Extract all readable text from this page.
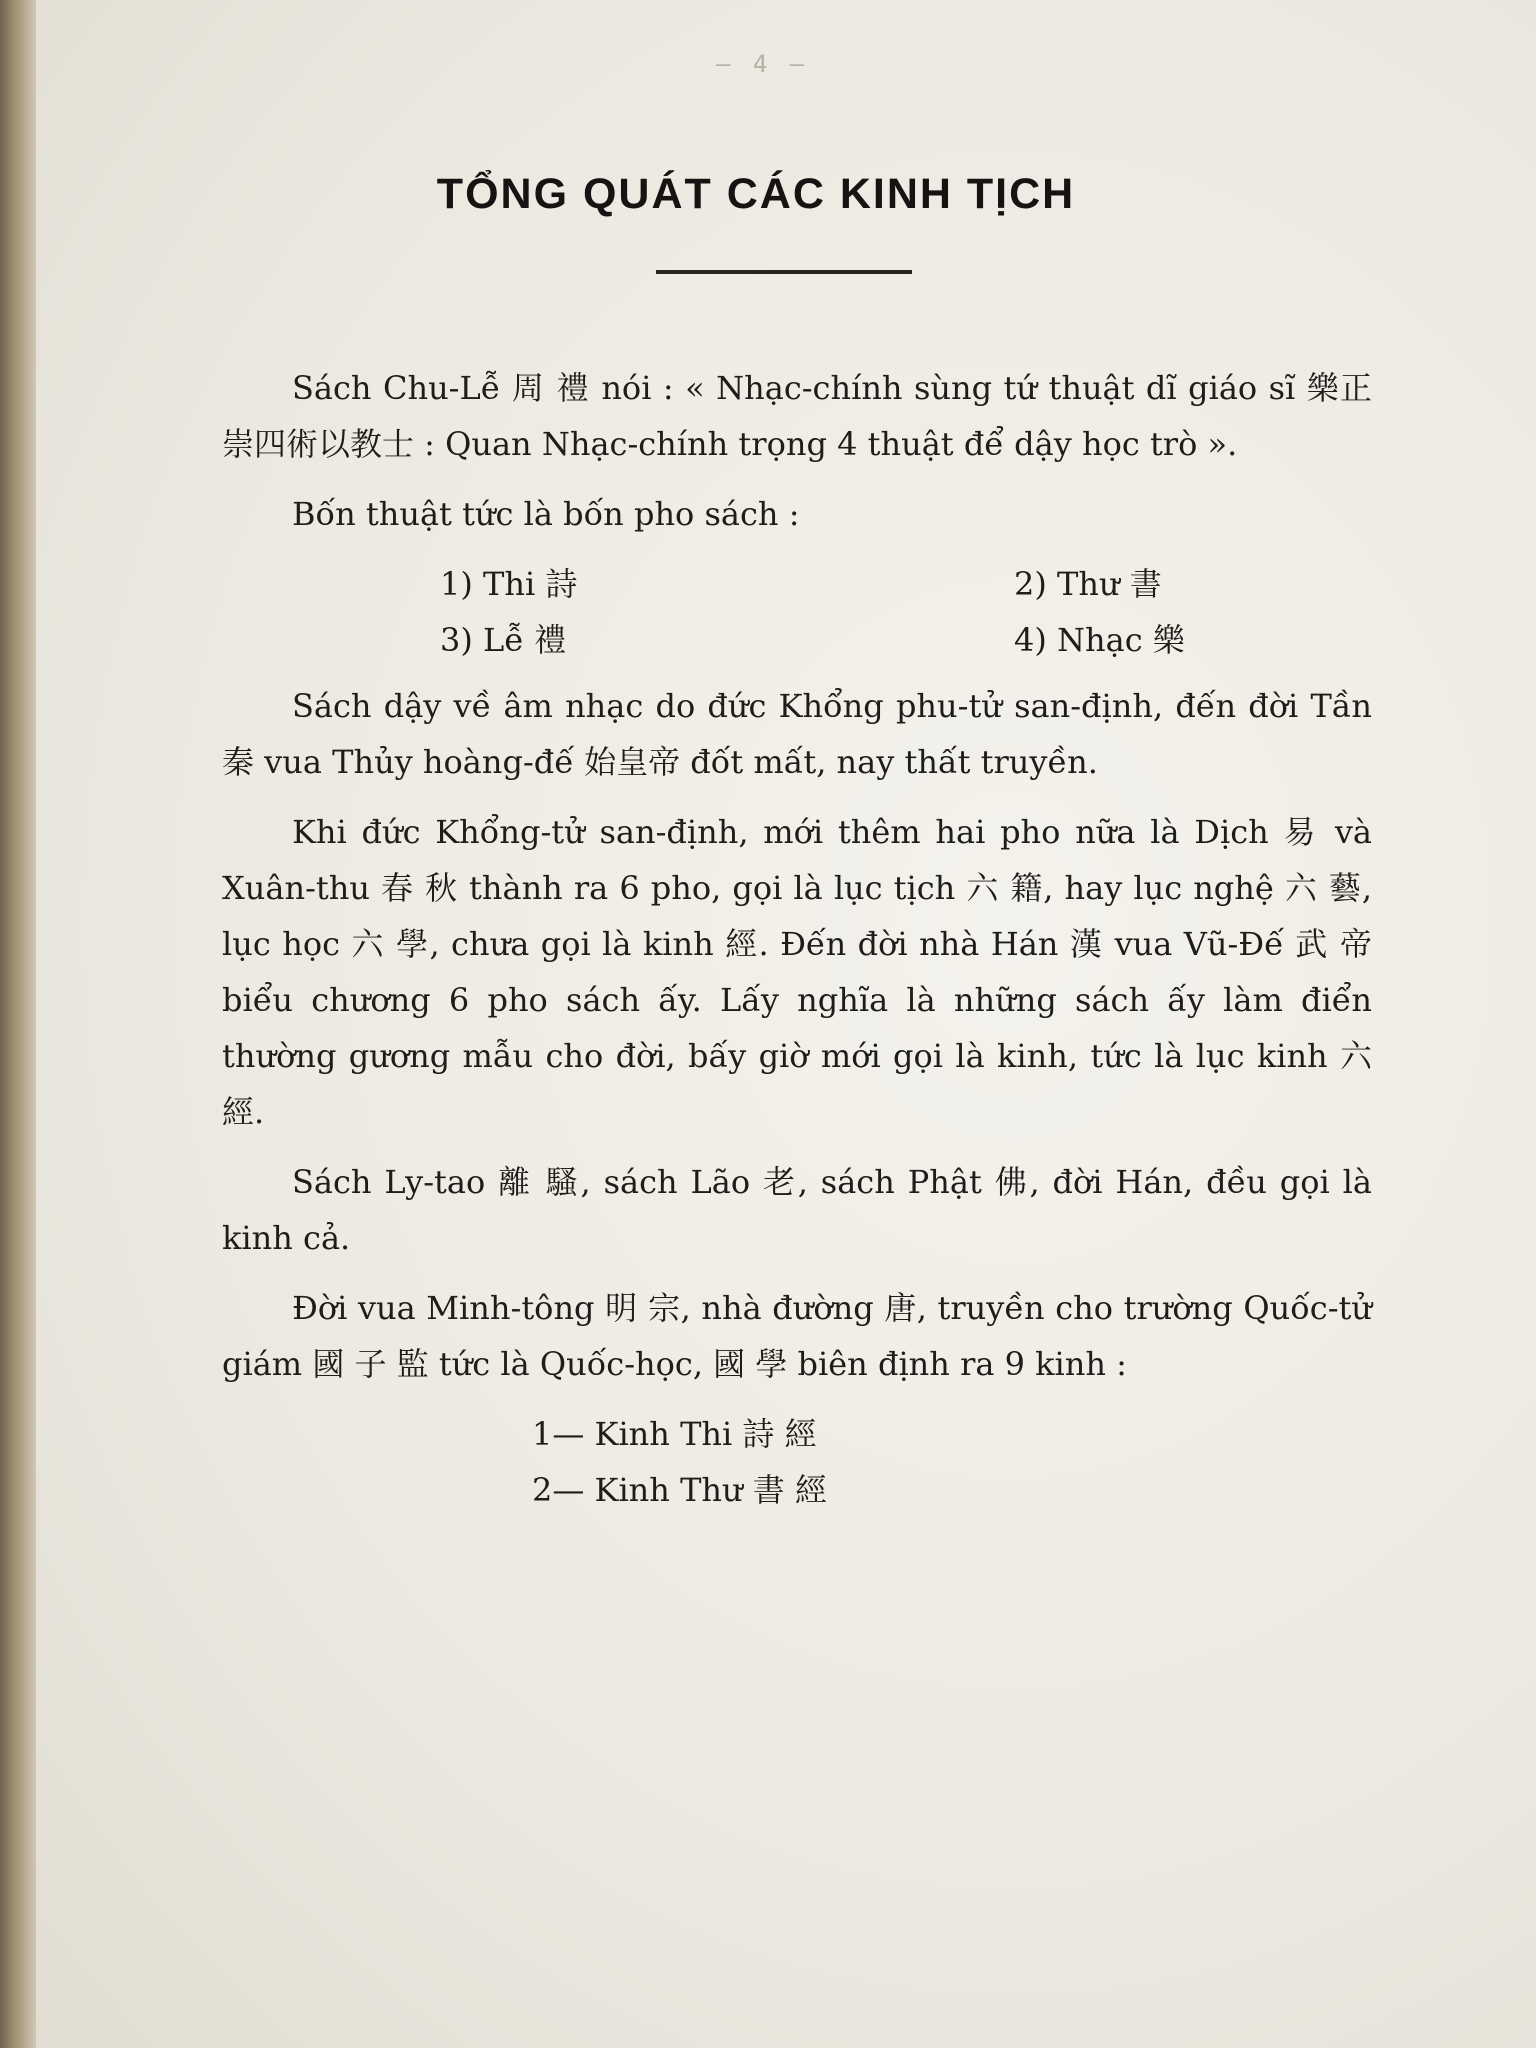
— 4 —
TỔNG QUÁT CÁC KINH TỊCH

Sách Chu-Lễ 周 禮 nói : « Nhạc-chính sùng tứ thuật dĩ giáo sĩ 樂正崇四術以教士 : Quan Nhạc-chính trọng 4 thuật để dậy học trò ».

Bốn thuật tức là bốn pho sách :

1) Thi 詩	2) Thư 書
3) Lễ 禮	4) Nhạc 樂

Sách dậy về âm nhạc do đức Khổng phu-tử san-định, đến đời Tần 秦 vua Thủy hoàng-đế 始皇帝 đốt mất, nay thất truyền.

Khi đức Khổng-tử san-định, mới thêm hai pho nữa là Dịch 易 và Xuân-thu 春 秋 thành ra 6 pho, gọi là lục tịch 六 籍, hay lục nghệ 六 藝, lục học 六 學, chưa gọi là kinh 經. Đến đời nhà Hán 漢 vua Vũ-Đế 武 帝 biểu chương 6 pho sách ấy. Lấy nghĩa là những sách ấy làm điển thường gương mẫu cho đời, bấy giờ mới gọi là kinh, tức là lục kinh 六 經.

Sách Ly-tao 離 騷, sách Lão 老, sách Phật 佛, đời Hán, đều gọi là kinh cả.

Đời vua Minh-tông 明 宗, nhà đường 唐, truyền cho trường Quốc-tử giám 國 子 監 tức là Quốc-học, 國 學 biên định ra 9 kinh :

1— Kinh Thi 詩 經
2— Kinh Thư 書 經
